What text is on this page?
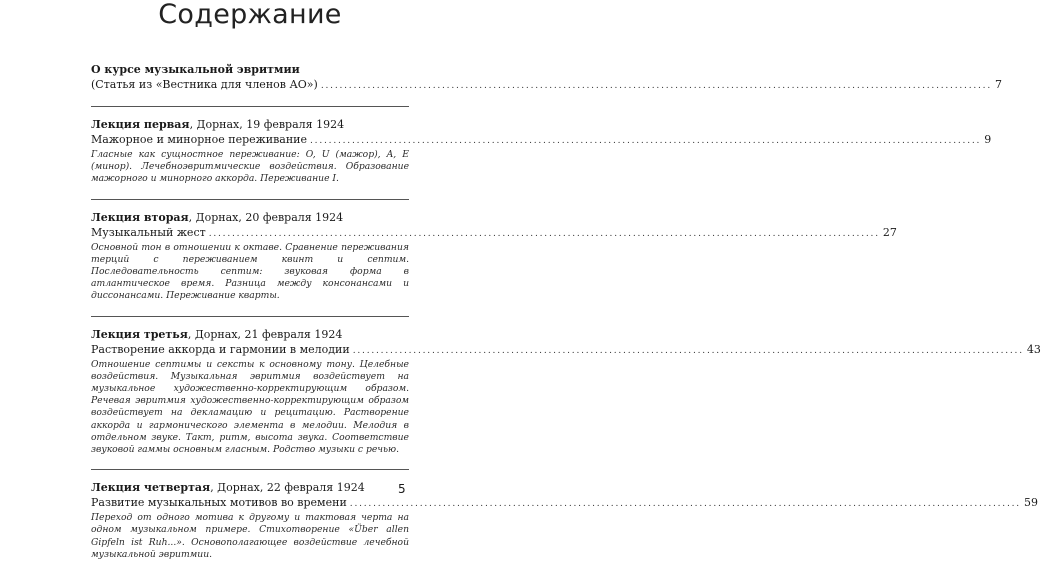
Содержание
О курсе музыкальной эвритмии
(Статья из «Вестника для членов АО») ................................................................................................................................................ 7
Лекция первая, Дорнах, 19 февраля 1924
Мажорное и минорное переживание ................................................................................................................................................ 9
Гласные как сущностное переживание: O, U (мажор), A, E (минор). Лечебноэвритмические воздействия. Образование мажорного и минорного аккорда. Переживание I.
Лекция вторая, Дорнах, 20 февраля 1924
Музыкальный жест ................................................................................................................................................ 27
Основной тон в отношении к октаве. Сравнение переживания терций с переживанием квинт и септим. Последовательность септим: звуковая форма в атлантическое время. Разница между консонансами и диссонансами. Переживание кварты.
Лекция третья, Дорнах, 21 февраля 1924
Растворение аккорда и гармонии в мелодии ................................................................................................................................................ 43
Отношение септимы и сексты к основному тону. Целебные воздействия. Музыкальная эвритмия воздействует на музыкальное художественно-корректирующим образом. Речевая эвритмия художественно-корректирующим образом воздействует на декламацию и рецитацию. Растворение аккорда и гармонического элемента в мелодии. Мелодия в отдельном звуке. Такт, ритм, высота звука. Соответствие звуковой гаммы основным гласным. Родство музыки с речью.
Лекция четвертая, Дорнах, 22 февраля 1924
Развитие музыкальных мотивов во времени ................................................................................................................................................ 59
Переход от одного мотива к другому и тактовая черта на одном музыкальном примере. Стихотворение «Über allen Gipfeln ist Ruh...». Основополагающее воздействие лечебной музыкальной эвритмии.
5
